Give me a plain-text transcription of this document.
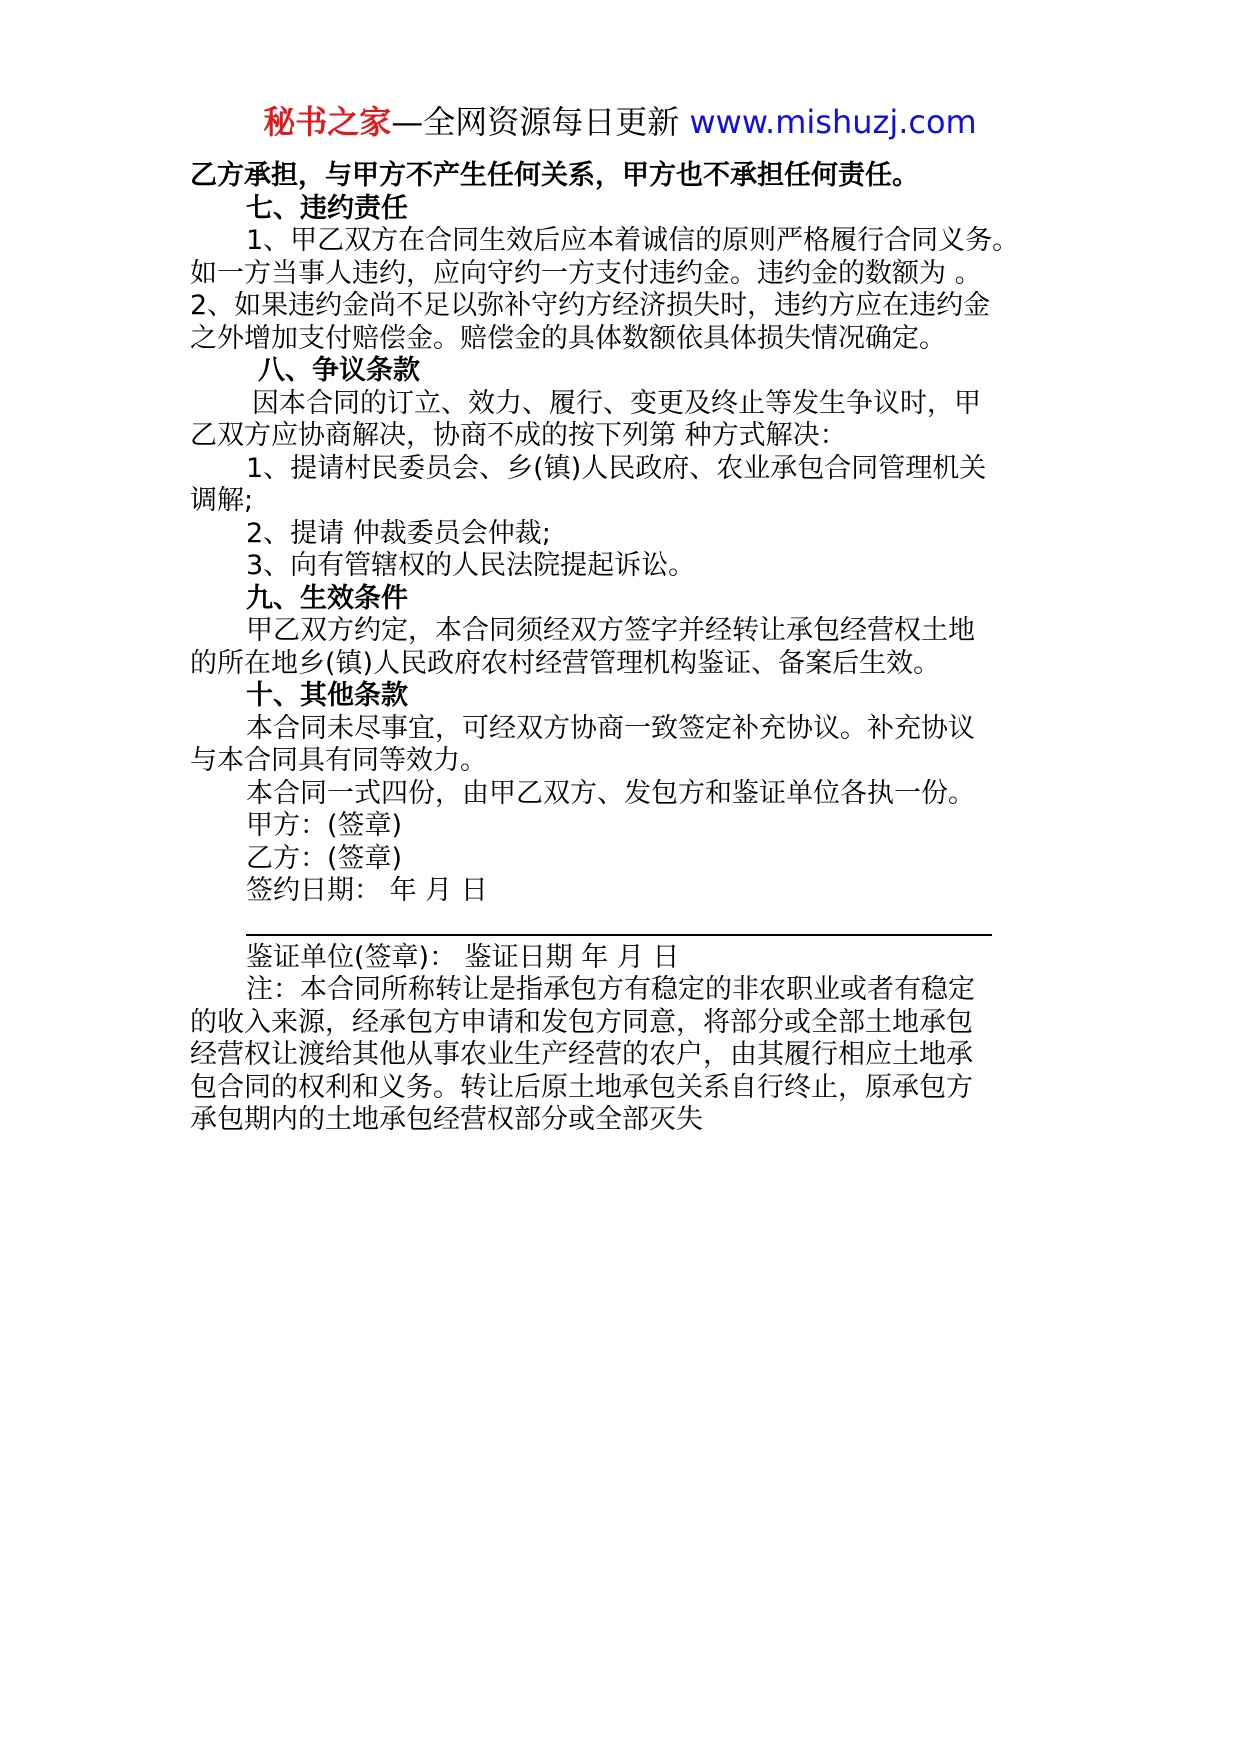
秘书之家—全网资源每日更新 www.mishuzj.com
乙方承担，与甲方不产生任何关系，甲方也不承担任何责任。
七、违约责任
1、甲乙双方在合同生效后应本着诚信的原则严格履行合同义务。
如一方当事人违约，应向守约一方支付违约金。违约金的数额为 。
2、如果违约金尚不足以弥补守约方经济损失时，违约方应在违约金
之外增加支付赔偿金。赔偿金的具体数额依具体损失情况确定。
八、争议条款
因本合同的订立、效力、履行、变更及终止等发生争议时，甲
乙双方应协商解决，协商不成的按下列第 种方式解决：
1、提请村民委员会、乡(镇)人民政府、农业承包合同管理机关
调解;
2、提请 仲裁委员会仲裁;
3、向有管辖权的人民法院提起诉讼。
九、生效条件
甲乙双方约定，本合同须经双方签字并经转让承包经营权土地
的所在地乡(镇)人民政府农村经营管理机构鉴证、备案后生效。
十、其他条款
本合同未尽事宜，可经双方协商一致签定补充协议。补充协议
与本合同具有同等效力。
本合同一式四份，由甲乙双方、发包方和鉴证单位各执一份。
甲方：(签章)
乙方：(签章)
签约日期： 年 月 日
鉴证单位(签章)： 鉴证日期 年 月 日
注：本合同所称转让是指承包方有稳定的非农职业或者有稳定
的收入来源，经承包方申请和发包方同意，将部分或全部土地承包
经营权让渡给其他从事农业生产经营的农户，由其履行相应土地承
包合同的权利和义务。转让后原土地承包关系自行终止，原承包方
承包期内的土地承包经营权部分或全部灭失
